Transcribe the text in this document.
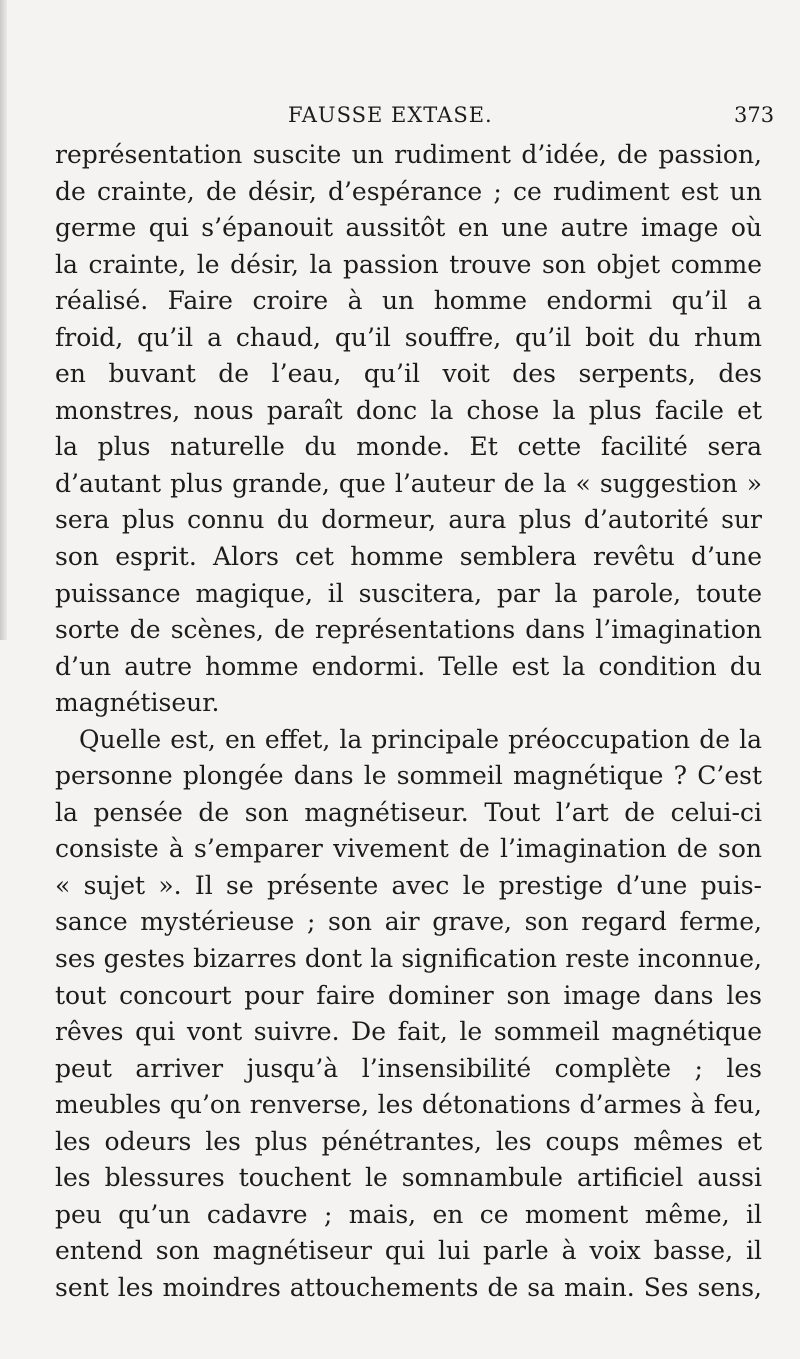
FAUSSE EXTASE.	373
représentation suscite un rudiment d’idée, de passion,
de crainte, de désir, d’espérance ; ce rudiment est un
germe qui s’épanouit aussitôt en une autre image où
la crainte, le désir, la passion trouve son objet comme
réalisé. Faire croire à un homme endormi qu’il a
froid, qu’il a chaud, qu’il souffre, qu’il boit du rhum
en buvant de l’eau, qu’il voit des serpents, des
monstres, nous paraît donc la chose la plus facile et
la plus naturelle du monde. Et cette facilité sera
d’autant plus grande, que l’auteur de la « suggestion »
sera plus connu du dormeur, aura plus d’autorité sur
son esprit. Alors cet homme semblera revêtu d’une
puissance magique, il suscitera, par la parole, toute
sorte de scènes, de représentations dans l’imagination
d’un autre homme endormi. Telle est la condition du
magnétiseur.
Quelle est, en effet, la principale préoccupation de la
personne plongée dans le sommeil magnétique ? C’est
la pensée de son magnétiseur. Tout l’art de celui-ci
consiste à s’emparer vivement de l’imagination de son
« sujet ». Il se présente avec le prestige d’une puis-
sance mystérieuse ; son air grave, son regard ferme,
ses gestes bizarres dont la signification reste inconnue,
tout concourt pour faire dominer son image dans les
rêves qui vont suivre. De fait, le sommeil magnétique
peut arriver jusqu’à l’insensibilité complète ; les
meubles qu’on renverse, les détonations d’armes à feu,
les odeurs les plus pénétrantes, les coups mêmes et
les blessures touchent le somnambule artificiel aussi
peu qu’un cadavre ; mais, en ce moment même, il
entend son magnétiseur qui lui parle à voix basse, il
sent les moindres attouchements de sa main. Ses sens,
